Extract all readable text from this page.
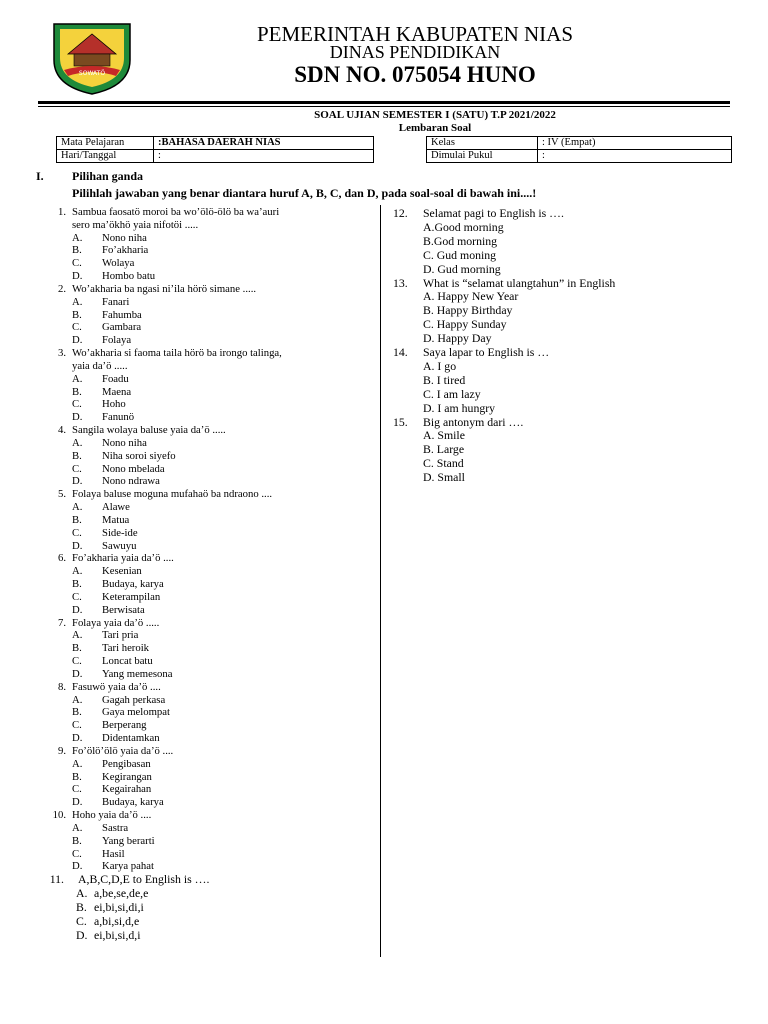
SOWATÖ
PEMERINTAH KABUPATEN NIAS
DINAS PENDIDIKAN
SDN NO. 075054 HUNO
SOAL UJIAN SEMESTER I (SATU) T.P 2021/2022
Lembaran Soal
Mata Pelajaran	:BAHASA DAERAH NIAS
Hari/Tanggal	:
Kelas	: IV (Empat)
Dimulai Pukul	:
I. Pilihan ganda
Pilihlah jawaban yang benar diantara huruf A, B, C, dan D, pada soal-soal di bawah ini....!
1. Sambua faosatö moroi ba wo’ölö-ölö ba wa’auri
sero ma’ökhö yaia nifotöi .....
A. Nono niha
B. Fo’akharia
C. Wolaya
D. Hombo batu
2. Wo’akharia ba ngasi ni’ila hörö simane .....
A. Fanari
B. Fahumba
C. Gambara
D. Folaya
3. Wo’akharia si faoma taila hörö ba irongo talinga,
yaia da’ö .....
A. Foadu
B. Maena
C. Hoho
D. Fanunö
4. Sangila wolaya baluse yaia da’ö .....
A. Nono niha
B. Niha soroi siyefo
C. Nono mbelada
D. Nono ndrawa
5. Folaya baluse moguna mufahaö ba ndraono ....
A. Alawe
B. Matua
C. Side-ide
D. Sawuyu
6. Fo’akharia yaia da’ö ....
A. Kesenian
B. Budaya, karya
C. Keterampilan
D. Berwisata
7. Folaya yaia da’ö .....
A. Tari pria
B. Tari heroik
C. Loncat batu
D. Yang memesona
8. Fasuwö yaia da’ö ....
A. Gagah perkasa
B. Gaya melompat
C. Berperang
D. Didentamkan
9. Fo’ölö’ölö yaia da’ö ....
A. Pengibasan
B. Kegirangan
C. Kegairahan
D. Budaya, karya
10. Hoho yaia da’ö ....
A. Sastra
B. Yang berarti
C. Hasil
D. Karya pahat
11. A,B,C,D,E to English is ….
A. a,be,se,de,e
B. ei,bi,si,di,i
C. a,bi,si,d,e
D. ei,bi,si,d,i
12. Selamat pagi to English is ….
A.Good morning
B.God morning
C. Gud moning
D. Gud morning
13. What is “selamat ulangtahun” in English
A. Happy New Year
B. Happy Birthday
C. Happy Sunday
D. Happy Day
14. Saya lapar to English is …
A. I go
B. I tired
C. I am lazy
D. I am hungry
15. Big antonym dari ….
A. Smile
B. Large
C. Stand
D. Small
